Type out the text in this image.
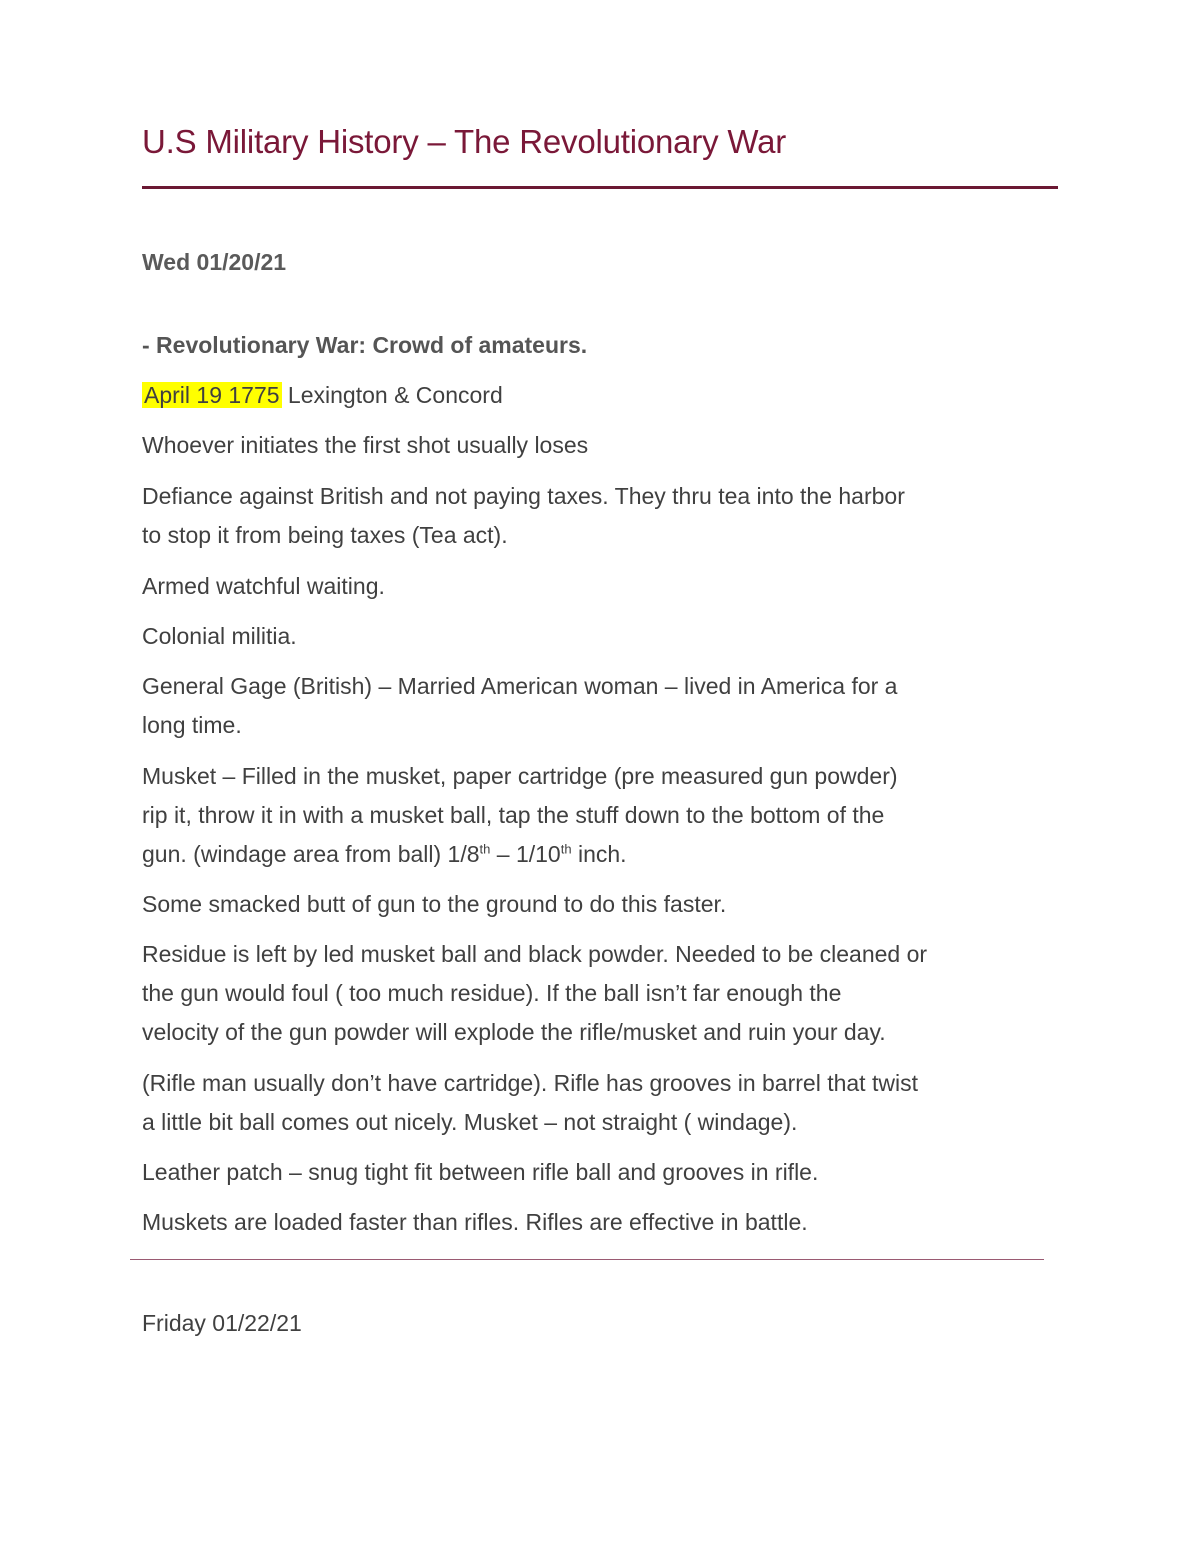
U.S Military History – The Revolutionary War
Wed 01/20/21
- Revolutionary War: Crowd of amateurs.
April 19 1775 Lexington & Concord
Whoever initiates the first shot usually loses
Defiance against British and not paying taxes. They thru tea into the harbor
to stop it from being taxes (Tea act).
Armed watchful waiting.
Colonial militia.
General Gage (British) – Married American woman – lived in America for a
long time.
Musket – Filled in the musket, paper cartridge (pre measured gun powder)
rip it, throw it in with a musket ball, tap the stuff down to the bottom of the
gun. (windage area from ball) 1/8th – 1/10th inch.
Some smacked butt of gun to the ground to do this faster.
Residue is left by led musket ball and black powder. Needed to be cleaned or
the gun would foul ( too much residue). If the ball isn’t far enough the
velocity of the gun powder will explode the rifle/musket and ruin your day.
(Rifle man usually don’t have cartridge). Rifle has grooves in barrel that twist
a little bit ball comes out nicely. Musket – not straight ( windage).
Leather patch – snug tight fit between rifle ball and grooves in rifle.
Muskets are loaded faster than rifles. Rifles are effective in battle.
Friday 01/22/21
